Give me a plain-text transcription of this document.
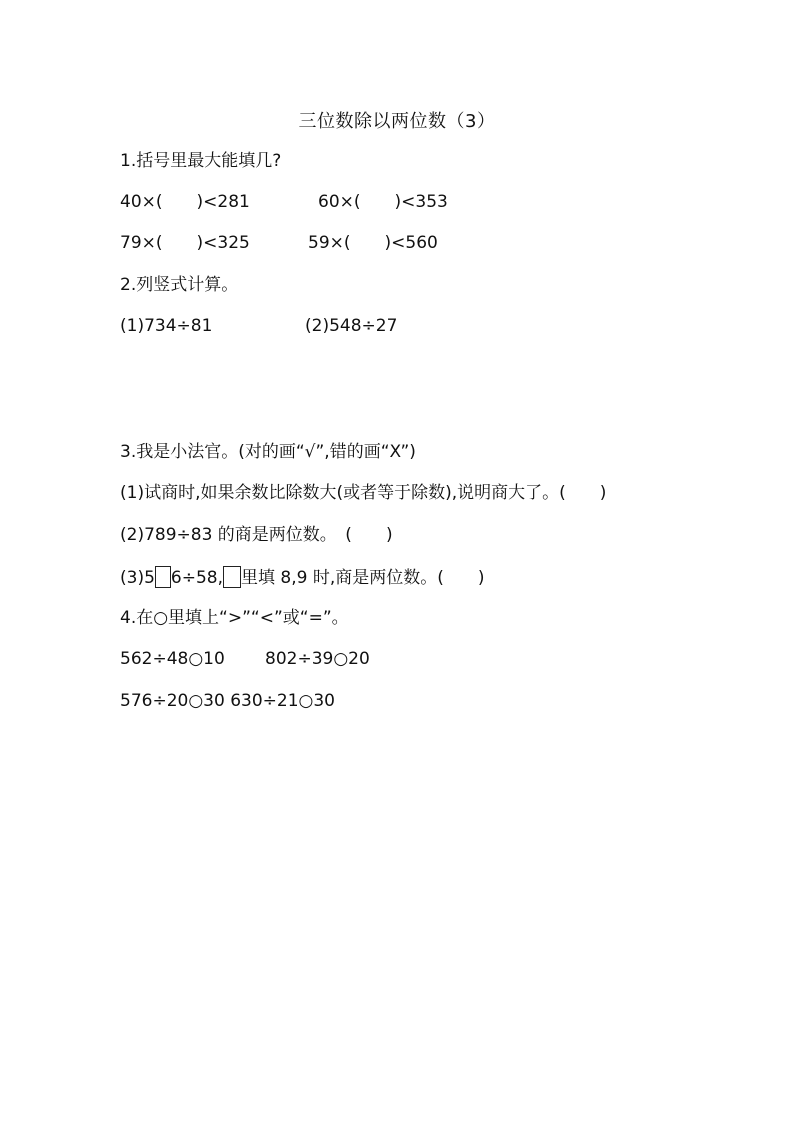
三位数除以两位数（3）
1.括号里最大能填几?
40×(　　)<281	60×(　　)<353
79×(　　)<325	59×(　　)<560
2.列竖式计算。
(1)734÷81	(2)548÷27
3.我是小法官。(对的画“√”,错的画“X”)
(1)试商时,如果余数比除数大(或者等于除数),说明商大了。(　　)
(2)789÷83 的商是两位数。　(　　)
(3)5 6÷58, 里填 8,9 时,商是两位数。(　　)
4.在○里填上“>”“<”或“=”。
562÷48○10 802÷39○20
576÷20○30 630÷21○30
